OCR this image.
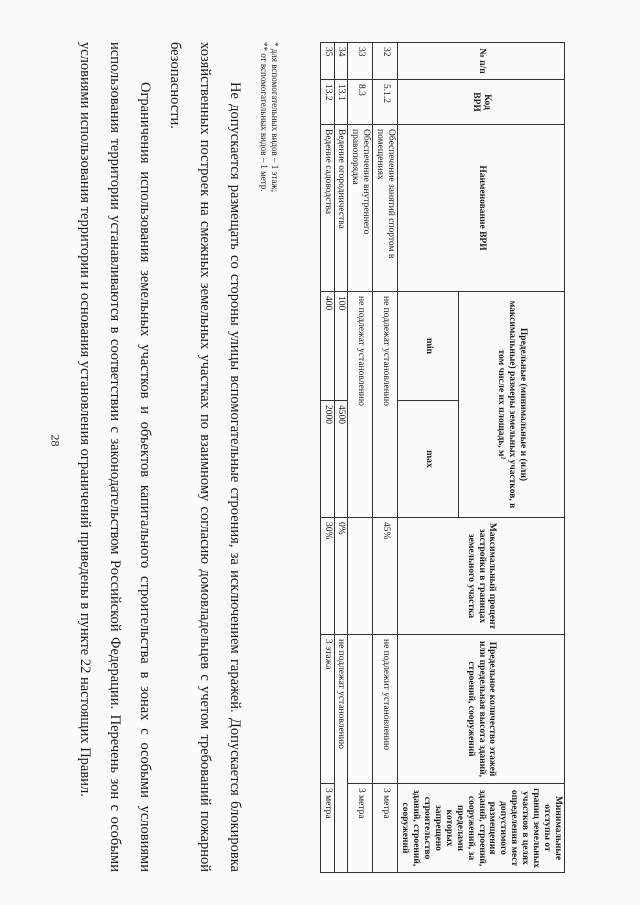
28
№ п/п	Код ВРИ	Наименование ВРИ	Предельные (минимальные и (или) максимальные) размеры земельных участков, в том числе их площадь, м²		Максимальный процент застройки в границах земельного участка	Предельное количество этажей или предельная высота зданий, строений, сооружений	Минимальные отступы от границ земельных участков в целях определения мест допустимого размещения зданий, строений, сооружений, за пределами которых запрещено строительство зданий, строений, сооружений
			min	max			
32	5.1.2	Обеспечение занятий спортом в помещениях	не подлежат установлению		45%	не подлежит установлению	3 метра
33	8.3	Обеспечение внутреннего правопорядка	не подлежат установлению				3 метра
34	13.1	Ведение огородничества	100	4500	0%	не подлежат установлению	
35	13.2	Ведение садоводства	400	2000	30%	3 этажа	3 метра
* для вспомогательных видов – 1 этаж;
** от вспомогательных видов – 1 метр.

Не допускается размещать со стороны улицы вспомогательные строения, за исключением гаражей. Допускается блокировка хозяйственных построек на смежных земельных участках по взаимному согласию домовладельцев с учетом требований пожарной безопасности.

Ограничения использования земельных участков и объектов капитального строительства в зонах с особыми условиями использования территории устанавливаются в соответствии с законодательством Российской Федерации. Перечень зон с особыми условиями использования территории и основания установления ограничений приведены в пункте 22 настоящих Правил.
